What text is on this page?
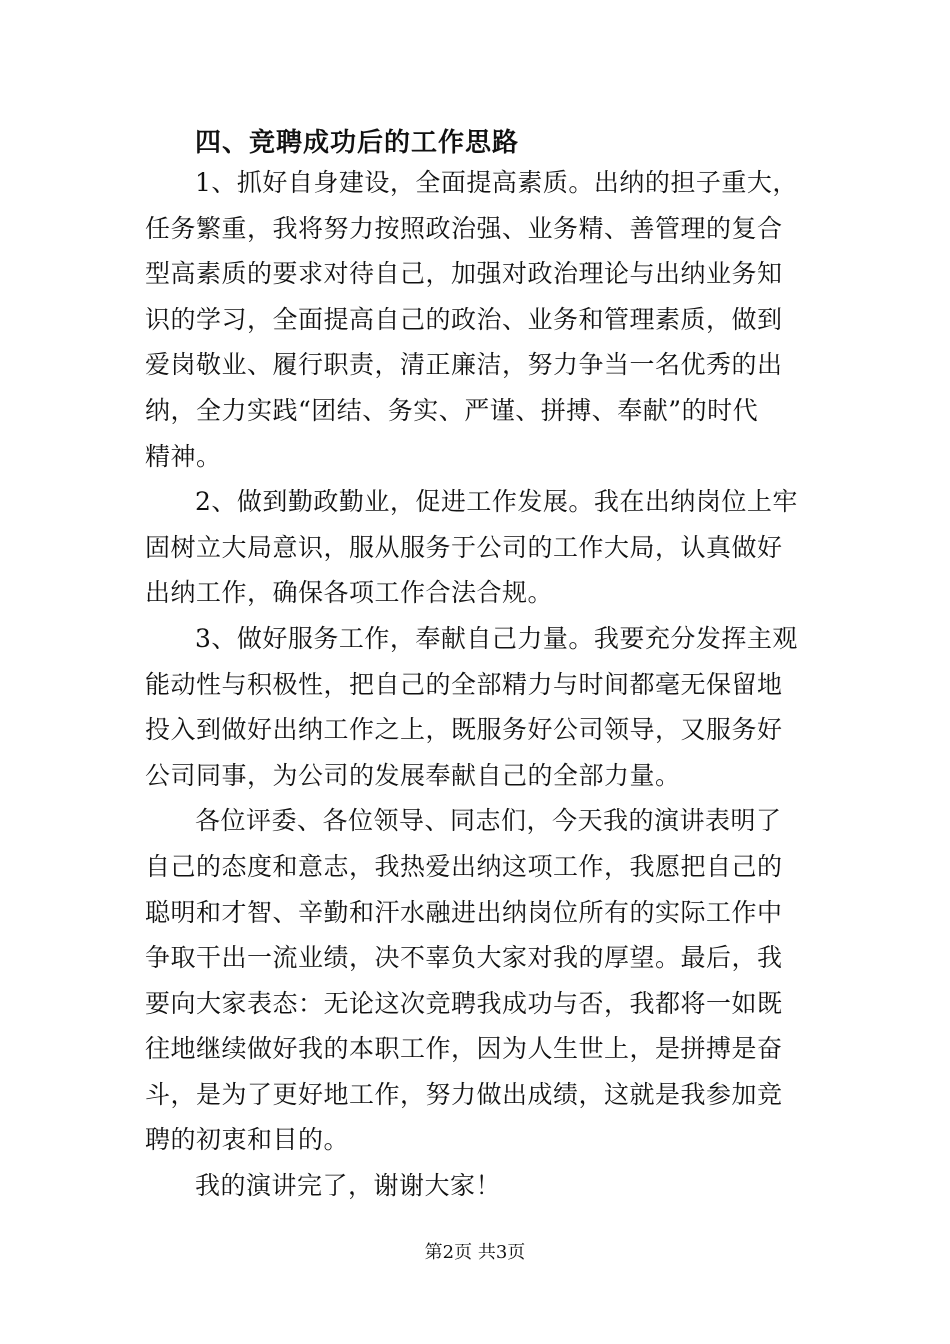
四、竞聘成功后的工作思路

1、抓好自身建设，全面提高素质。出纳的担子重大，
任务繁重，我将努力按照政治强、业务精、善管理的复合
型高素质的要求对待自己，加强对政治理论与出纳业务知
识的学习，全面提高自己的政治、业务和管理素质，做到
爱岗敬业、履行职责，清正廉洁，努力争当一名优秀的出
纳，全力实践“团结、务实、严谨、拼搏、奉献”的时代
精神。

2、做到勤政勤业，促进工作发展。我在出纳岗位上牢
固树立大局意识，服从服务于公司的工作大局，认真做好
出纳工作，确保各项工作合法合规。

3、做好服务工作，奉献自己力量。我要充分发挥主观
能动性与积极性，把自己的全部精力与时间都毫无保留地
投入到做好出纳工作之上，既服务好公司领导，又服务好
公司同事，为公司的发展奉献自己的全部力量。

各位评委、各位领导、同志们，今天我的演讲表明了
自己的态度和意志，我热爱出纳这项工作，我愿把自己的
聪明和才智、辛勤和汗水融进出纳岗位所有的实际工作中
争取干出一流业绩，决不辜负大家对我的厚望。最后，我
要向大家表态：无论这次竞聘我成功与否，我都将一如既
往地继续做好我的本职工作，因为人生世上，是拼搏是奋
斗，是为了更好地工作，努力做出成绩，这就是我参加竞
聘的初衷和目的。

我的演讲完了，谢谢大家！

第2页 共3页
